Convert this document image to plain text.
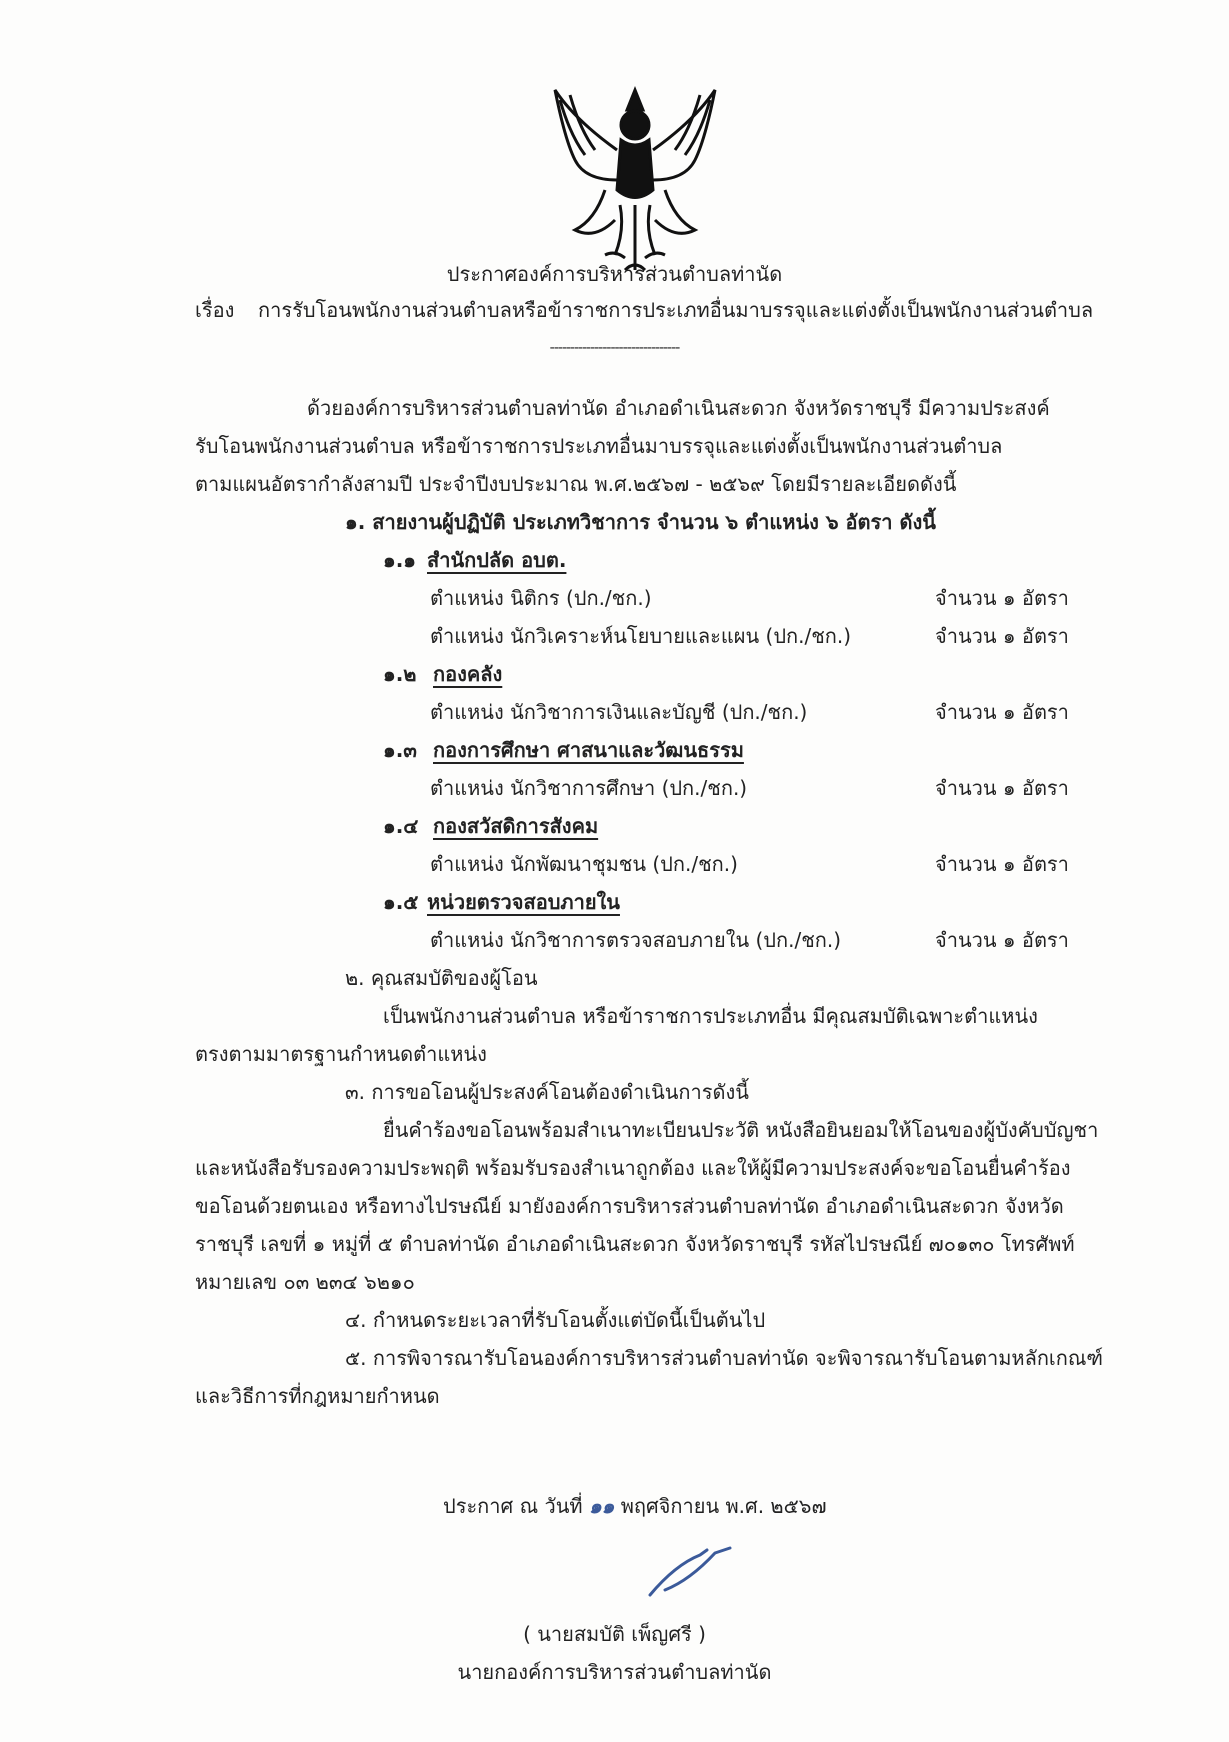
ประกาศองค์การบริหารส่วนตำบลท่านัด
เรื่อง การรับโอนพนักงานส่วนตำบลหรือข้าราชการประเภทอื่นมาบรรจุและแต่งตั้งเป็นพนักงานส่วนตำบล
--------------------------------
ด้วยองค์การบริหารส่วนตำบลท่านัด อำเภอดำเนินสะดวก จังหวัดราชบุรี มีความประสงค์
รับโอนพนักงานส่วนตำบล หรือข้าราชการประเภทอื่นมาบรรจุและแต่งตั้งเป็นพนักงานส่วนตำบล
ตามแผนอัตรากำลังสามปี ประจำปีงบประมาณ พ.ศ.๒๕๖๗ - ๒๕๖๙ โดยมีรายละเอียดดังนี้
๑. สายงานผู้ปฏิบัติ ประเภทวิชาการ จำนวน ๖ ตำแหน่ง ๖ อัตรา ดังนี้
๑.๑ สำนักปลัด อบต.
ตำแหน่ง นิติกร (ปก./ชก.)	จำนวน ๑ อัตรา
ตำแหน่ง นักวิเคราะห์นโยบายและแผน (ปก./ชก.)	จำนวน ๑ อัตรา
๑.๒ กองคลัง
ตำแหน่ง นักวิชาการเงินและบัญชี (ปก./ชก.)	จำนวน ๑ อัตรา
๑.๓ กองการศึกษา ศาสนาและวัฒนธรรม
ตำแหน่ง นักวิชาการศึกษา (ปก./ชก.)	จำนวน ๑ อัตรา
๑.๔ กองสวัสดิการสังคม
ตำแหน่ง นักพัฒนาชุมชน (ปก./ชก.)	จำนวน ๑ อัตรา
๑.๕ หน่วยตรวจสอบภายใน
ตำแหน่ง นักวิชาการตรวจสอบภายใน (ปก./ชก.)	จำนวน ๑ อัตรา
๒. คุณสมบัติของผู้โอน
เป็นพนักงานส่วนตำบล หรือข้าราชการประเภทอื่น มีคุณสมบัติเฉพาะตำแหน่ง
ตรงตามมาตรฐานกำหนดตำแหน่ง
๓. การขอโอนผู้ประสงค์โอนต้องดำเนินการดังนี้
ยื่นคำร้องขอโอนพร้อมสำเนาทะเบียนประวัติ หนังสือยินยอมให้โอนของผู้บังคับบัญชา
และหนังสือรับรองความประพฤติ พร้อมรับรองสำเนาถูกต้อง และให้ผู้มีความประสงค์จะขอโอนยื่นคำร้อง
ขอโอนด้วยตนเอง หรือทางไปรษณีย์ มายังองค์การบริหารส่วนตำบลท่านัด อำเภอดำเนินสะดวก จังหวัด
ราชบุรี เลขที่ ๑ หมู่ที่ ๕ ตำบลท่านัด อำเภอดำเนินสะดวก จังหวัดราชบุรี รหัสไปรษณีย์ ๗๐๑๓๐ โทรศัพท์
หมายเลข ๐๓ ๒๓๔ ๖๒๑๐
๔. กำหนดระยะเวลาที่รับโอนตั้งแต่บัดนี้เป็นต้นไป
๕. การพิจารณารับโอนองค์การบริหารส่วนตำบลท่านัด จะพิจารณารับโอนตามหลักเกณฑ์
และวิธีการที่กฎหมายกำหนด
ประกาศ ณ วันที่ ๑๑ พฤศจิกายน พ.ศ. ๒๕๖๗
( นายสมบัติ เพ็ญศรี )
นายกองค์การบริหารส่วนตำบลท่านัด
